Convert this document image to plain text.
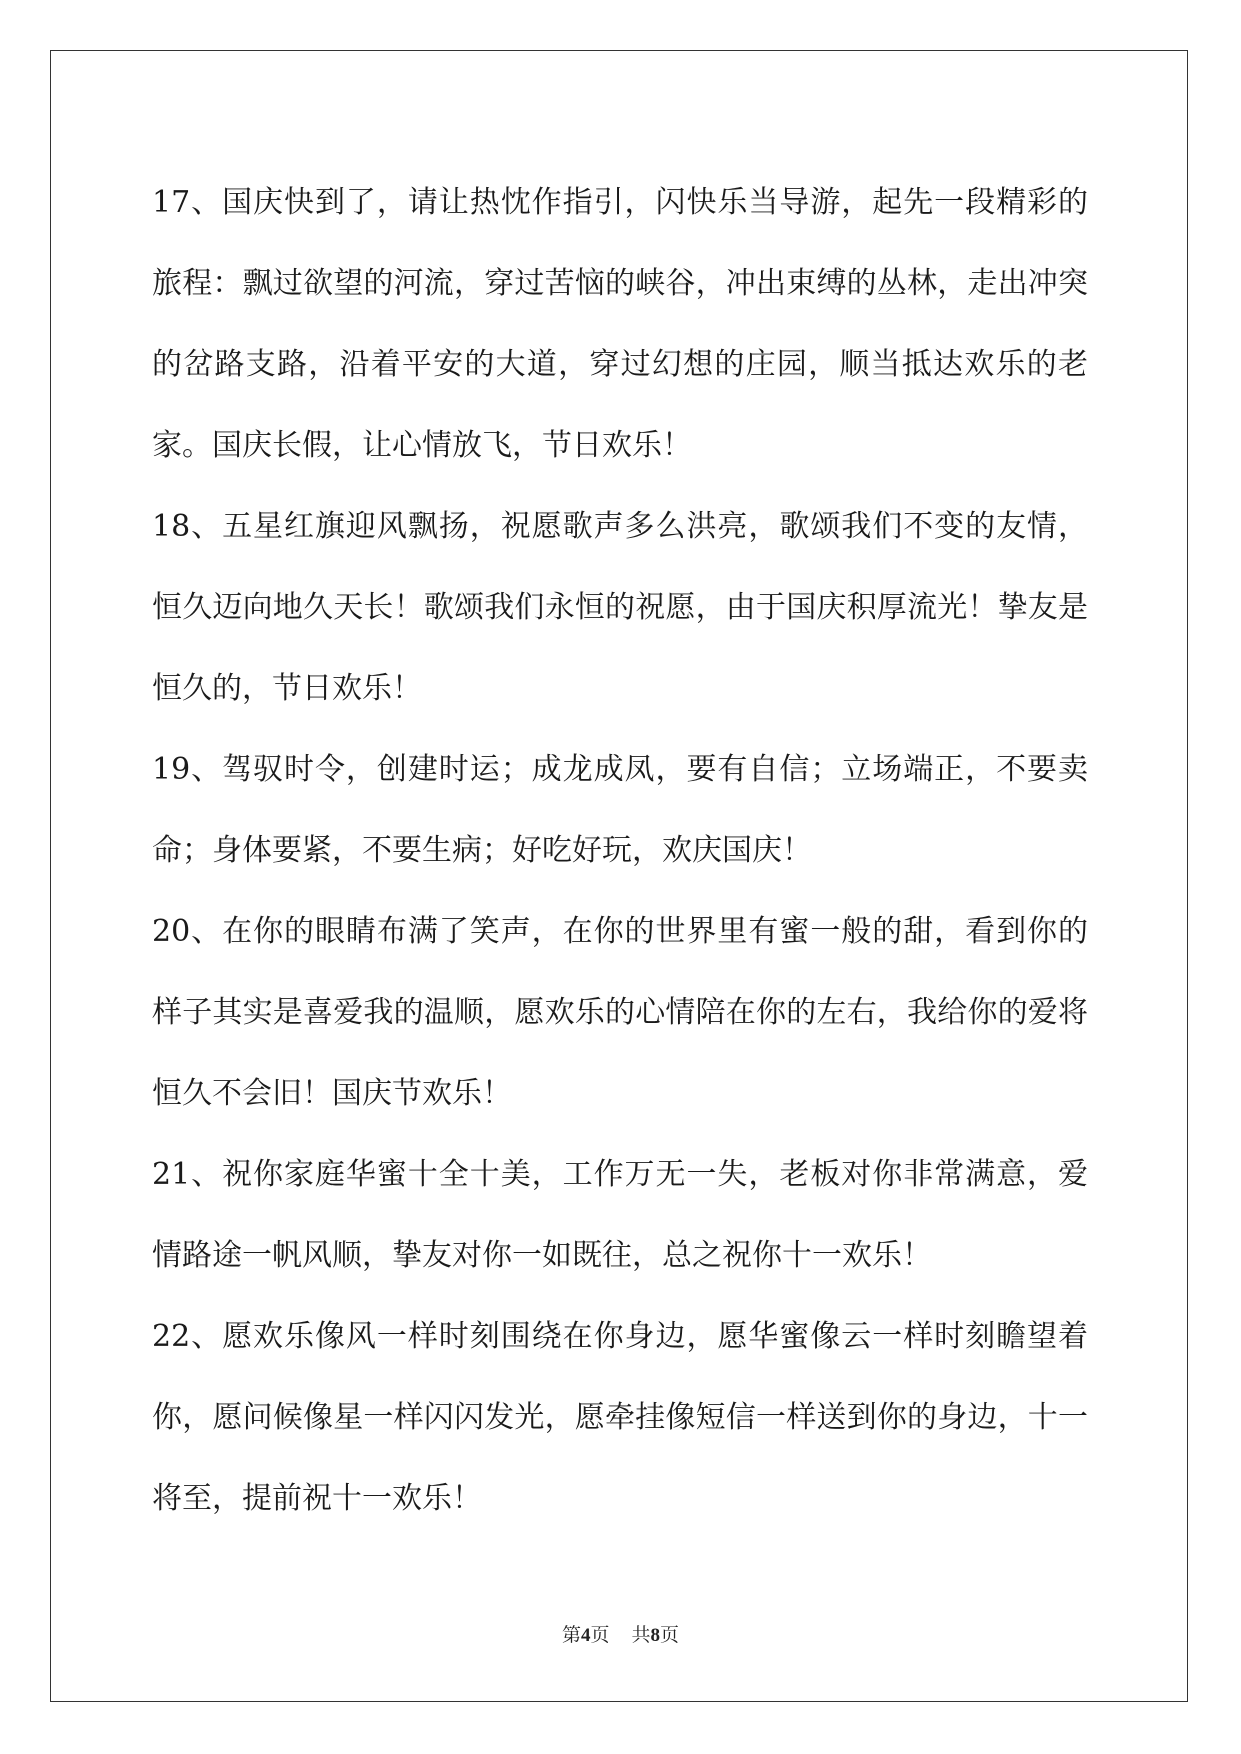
17、国庆快到了，请让热忱作指引，闪快乐当导游，起先一段精彩的旅程：飘过欲望的河流，穿过苦恼的峡谷，冲出束缚的丛林，走出冲突的岔路支路，沿着平安的大道，穿过幻想的庄园，顺当抵达欢乐的老家。国庆长假，让心情放飞，节日欢乐！

18、五星红旗迎风飘扬，祝愿歌声多么洪亮，歌颂我们不变的友情，恒久迈向地久天长！歌颂我们永恒的祝愿，由于国庆积厚流光！挚友是恒久的，节日欢乐！

19、驾驭时令，创建时运；成龙成凤，要有自信；立场端正，不要卖命；身体要紧，不要生病；好吃好玩，欢庆国庆！

20、在你的眼睛布满了笑声，在你的世界里有蜜一般的甜，看到你的样子其实是喜爱我的温顺，愿欢乐的心情陪在你的左右，我给你的爱将恒久不会旧！国庆节欢乐！

21、祝你家庭华蜜十全十美，工作万无一失，老板对你非常满意，爱情路途一帆风顺，挚友对你一如既往，总之祝你十一欢乐！

22、愿欢乐像风一样时刻围绕在你身边，愿华蜜像云一样时刻瞻望着你，愿问候像星一样闪闪发光，愿牵挂像短信一样送到你的身边，十一将至，提前祝十一欢乐！

第4页 共8页
